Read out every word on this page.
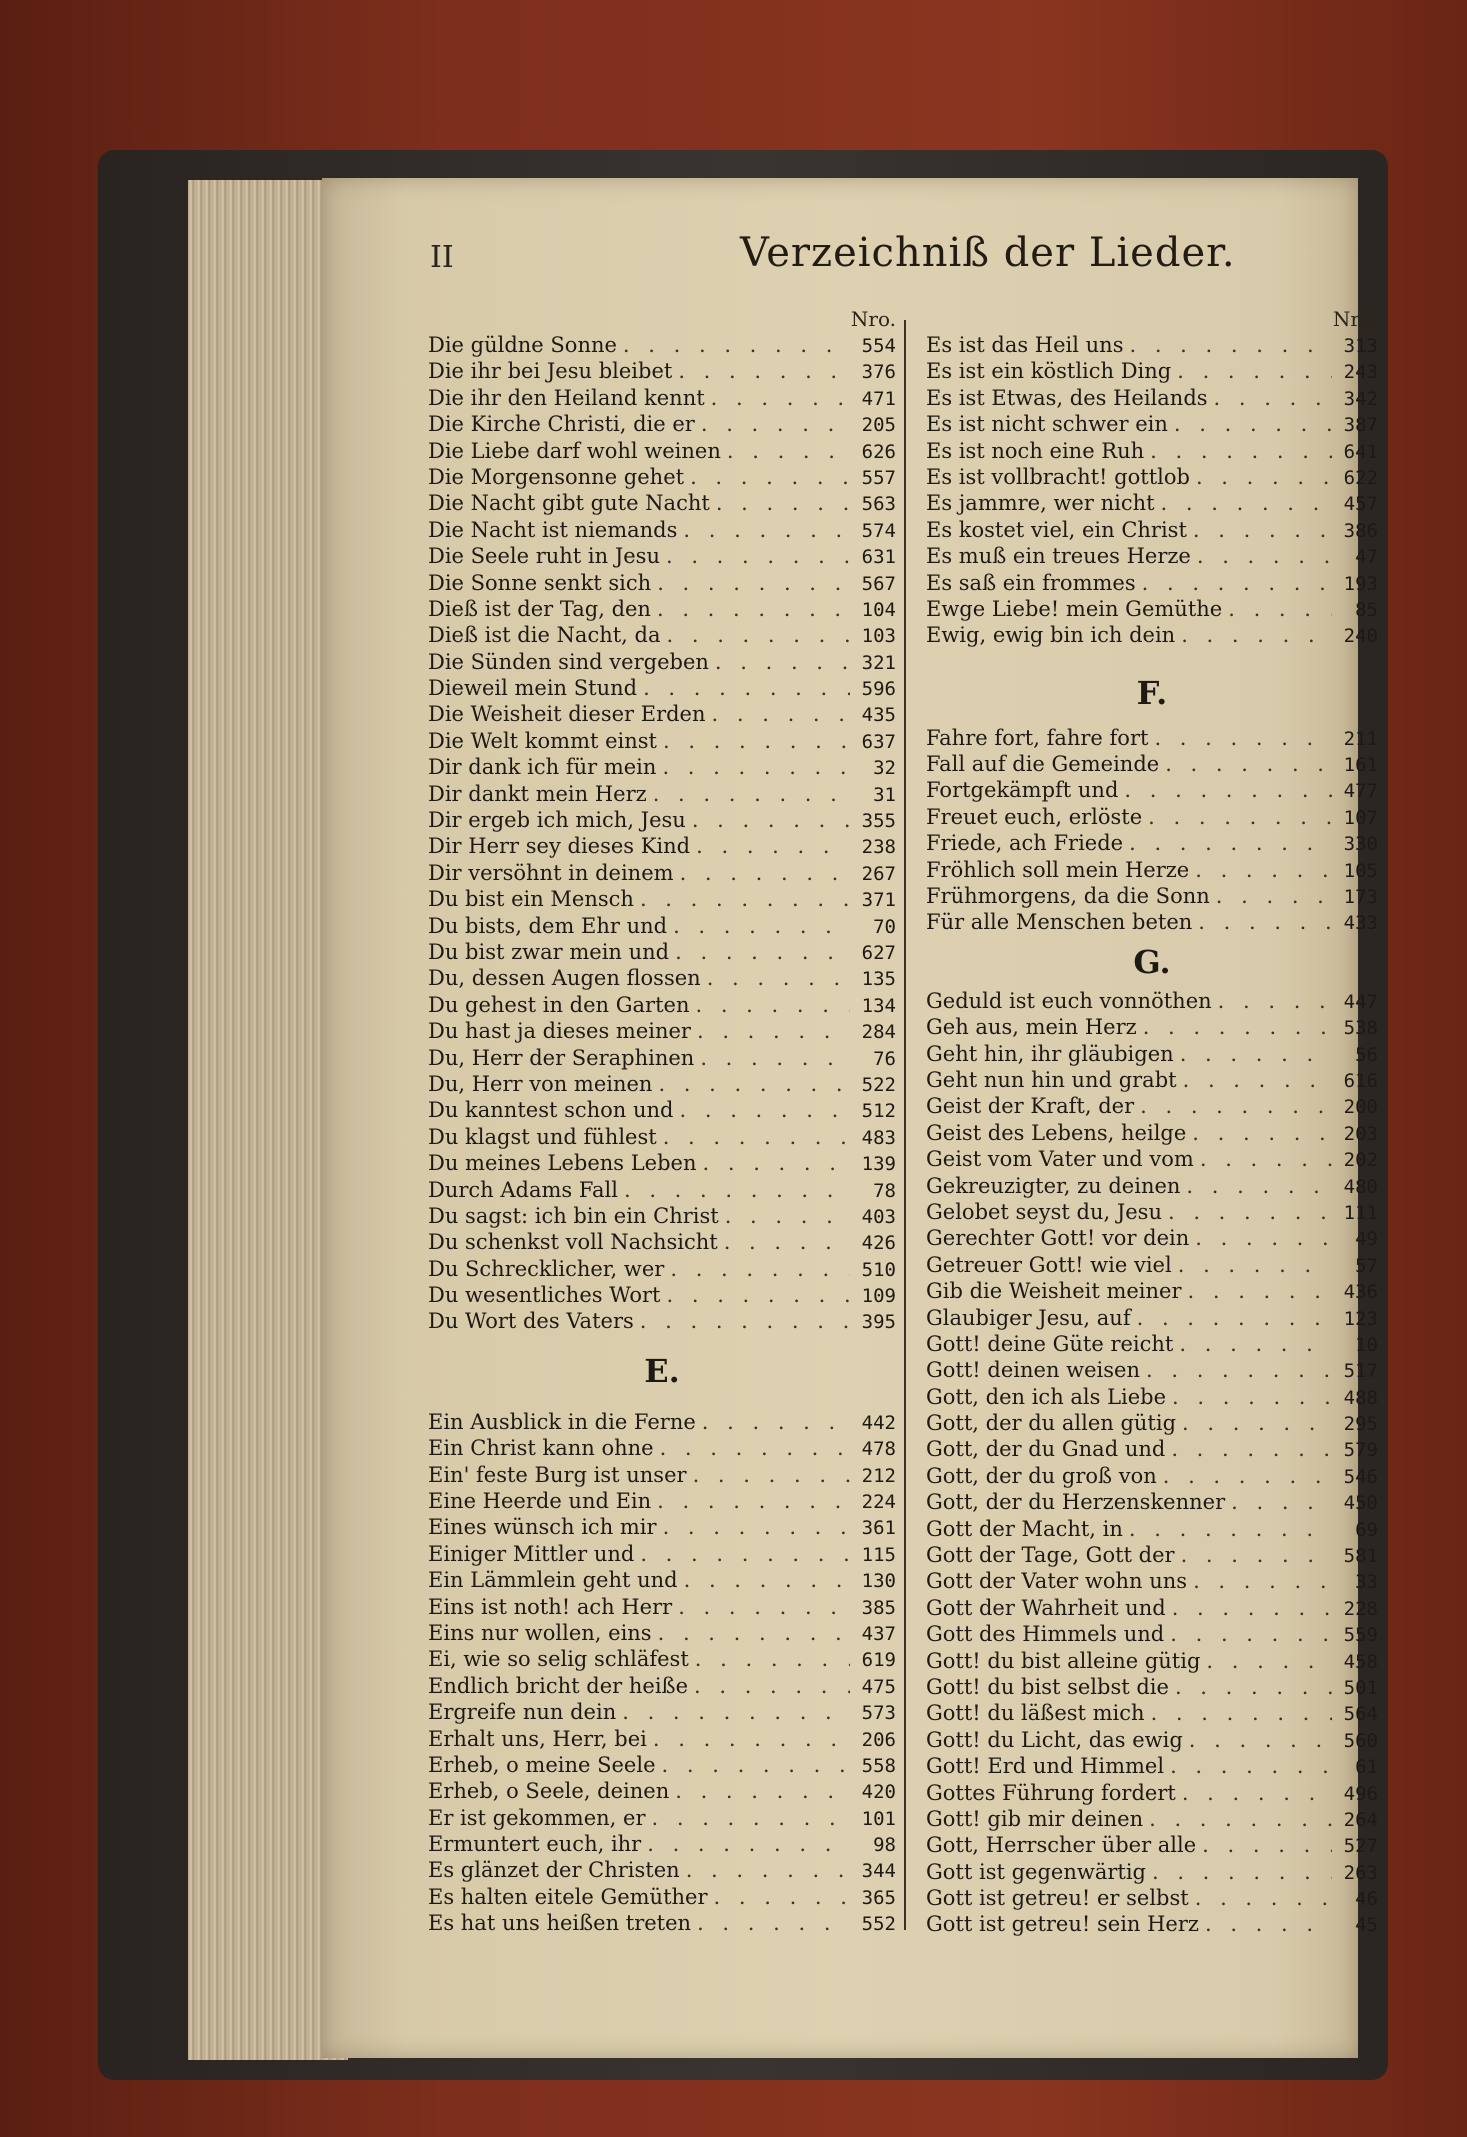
II	Verzeichniß der Lieder.
Nro.
Die güldne Sonne . . .	554
Die ihr bei Jesu bleibet . . .	376
Die ihr den Heiland kennt . . .	471
Die Kirche Christi, die er . . .	205
Die Liebe darf wohl weinen . . .	626
Die Morgensonne gehet . . .	557
Die Nacht gibt gute Nacht . . .	563
Die Nacht ist niemands . . .	574
Die Seele ruht in Jesu . . .	631
Die Sonne senkt sich . . .	567
Dieß ist der Tag, den . . .	104
Dieß ist die Nacht, da . . .	103
Die Sünden sind vergeben . . .	321
Dieweil mein Stund . . .	596
Die Weisheit dieser Erden . . .	435
Die Welt kommt einst . . .	637
Dir dank ich für mein . . .	32
Dir dankt mein Herz . . .	31
Dir ergeb ich mich, Jesu . . .	355
Dir Herr sey dieses Kind . . .	238
Dir versöhnt in deinem . . .	267
Du bist ein Mensch . . .	371
Du bists, dem Ehr und . . .	70
Du bist zwar mein und . . .	627
Du, dessen Augen flossen . . .	135
Du gehest in den Garten . . .	134
Du hast ja dieses meiner . . .	284
Du, Herr der Seraphinen . . .	76
Du, Herr von meinen . . .	522
Du kanntest schon und . . .	512
Du klagst und fühlest . . .	483
Du meines Lebens Leben . . .	139
Durch Adams Fall . . .	78
Du sagst: ich bin ein Christ . . .	403
Du schenkst voll Nachsicht . . .	426
Du Schrecklicher, wer . . .	510
Du wesentliches Wort . . .	109
Du Wort des Vaters . . .	395
E.
Ein Ausblick in die Ferne . . .	442
Ein Christ kann ohne . . .	478
Ein' feste Burg ist unser . . .	212
Eine Heerde und Ein . . .	224
Eines wünsch ich mir . . .	361
Einiger Mittler und . . .	115
Ein Lämmlein geht und . . .	130
Eins ist noth! ach Herr . . .	385
Eins nur wollen, eins . . .	437
Ei, wie so selig schläfest . . .	619
Endlich bricht der heiße . . .	475
Ergreife nun dein . . .	573
Erhalt uns, Herr, bei . . .	206
Erheb, o meine Seele . . .	558
Erheb, o Seele, deinen . . .	420
Er ist gekommen, er . . .	101
Ermuntert euch, ihr . . .	98
Es glänzet der Christen . . .	344
Es halten eitele Gemüther . . .	365
Es hat uns heißen treten . . .	552
Nro.
Es ist das Heil uns . . .	313
Es ist ein köstlich Ding . . .	243
Es ist Etwas, des Heilands . . .	342
Es ist nicht schwer ein . . .	387
Es ist noch eine Ruh . . .	641
Es ist vollbracht! gottlob . . .	622
Es jammre, wer nicht . . .	457
Es kostet viel, ein Christ . . .	386
Es muß ein treues Herze . . .	47
Es saß ein frommes . . .	193
Ewge Liebe! mein Gemüthe . . .	85
Ewig, ewig bin ich dein . . .	240
F.
Fahre fort, fahre fort . . .	211
Fall auf die Gemeinde . . .	161
Fortgekämpft und . . .	477
Freuet euch, erlöste . . .	107
Friede, ach Friede . . .	330
Fröhlich soll mein Herze . . .	105
Frühmorgens, da die Sonn . . .	173
Für alle Menschen beten . . .	433
G.
Geduld ist euch vonnöthen . . .	447
Geh aus, mein Herz . . .	538
Geht hin, ihr gläubigen . . .	56
Geht nun hin und grabt . . .	616
Geist der Kraft, der . . .	200
Geist des Lebens, heilge . . .	203
Geist vom Vater und vom . . .	202
Gekreuzigter, zu deinen . . .	480
Gelobet seyst du, Jesu . . .	111
Gerechter Gott! vor dein . . .	49
Getreuer Gott! wie viel . . .	57
Gib die Weisheit meiner . . .	436
Glaubiger Jesu, auf . . .	123
Gott! deine Güte reicht . . .	10
Gott! deinen weisen . . .	517
Gott, den ich als Liebe . . .	488
Gott, der du allen gütig . . .	295
Gott, der du Gnad und . . .	579
Gott, der du groß von . . .	546
Gott, der du Herzenskenner . . .	450
Gott der Macht, in . . .	69
Gott der Tage, Gott der . . .	581
Gott der Vater wohn uns . . .	33
Gott der Wahrheit und . . .	228
Gott des Himmels und . . .	559
Gott! du bist alleine gütig . . .	458
Gott! du bist selbst die . . .	501
Gott! du läßest mich . . .	564
Gott! du Licht, das ewig . . .	560
Gott! Erd und Himmel . . .	61
Gottes Führung fordert . . .	496
Gott! gib mir deinen . . .	264
Gott, Herrscher über alle . . .	527
Gott ist gegenwärtig . . .	263
Gott ist getreu! er selbst . . .	46
Gott ist getreu! sein Herz . . .	45
